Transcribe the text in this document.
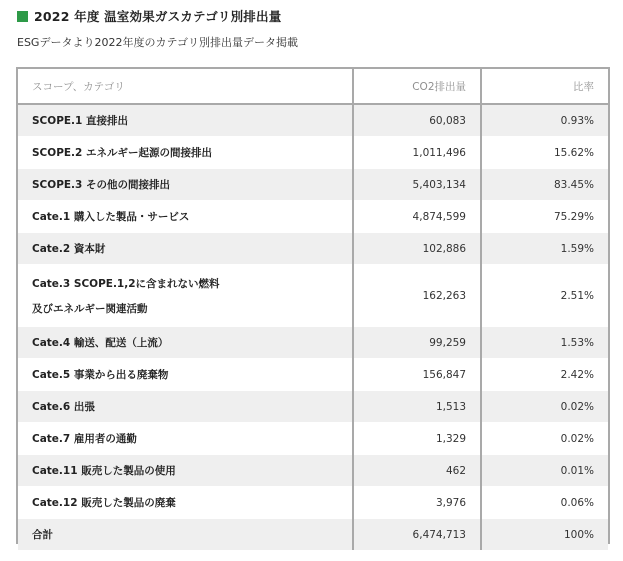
2022 年度 温室効果ガスカテゴリ別排出量
ESGデータより2022年度のカテゴリ別排出量データ掲載
スコープ、カテゴリ	CO2排出量	比率
SCOPE.1 直接排出	60,083	0.93%
SCOPE.2 エネルギー起源の間接排出	1,011,496	15.62%
SCOPE.3 その他の間接排出	5,403,134	83.45%
Cate.1 購入した製品・サービス	4,874,599	75.29%
Cate.2 資本財	102,886	1.59%
Cate.3 SCOPE.1,2に含まれない燃料
及びエネルギー関連活動	162,263	2.51%
Cate.4 輸送、配送（上流）	99,259	1.53%
Cate.5 事業から出る廃棄物	156,847	2.42%
Cate.6 出張	1,513	0.02%
Cate.7 雇用者の通勤	1,329	0.02%
Cate.11 販売した製品の使用	462	0.01%
Cate.12 販売した製品の廃棄	3,976	0.06%
合計	6,474,713	100%
